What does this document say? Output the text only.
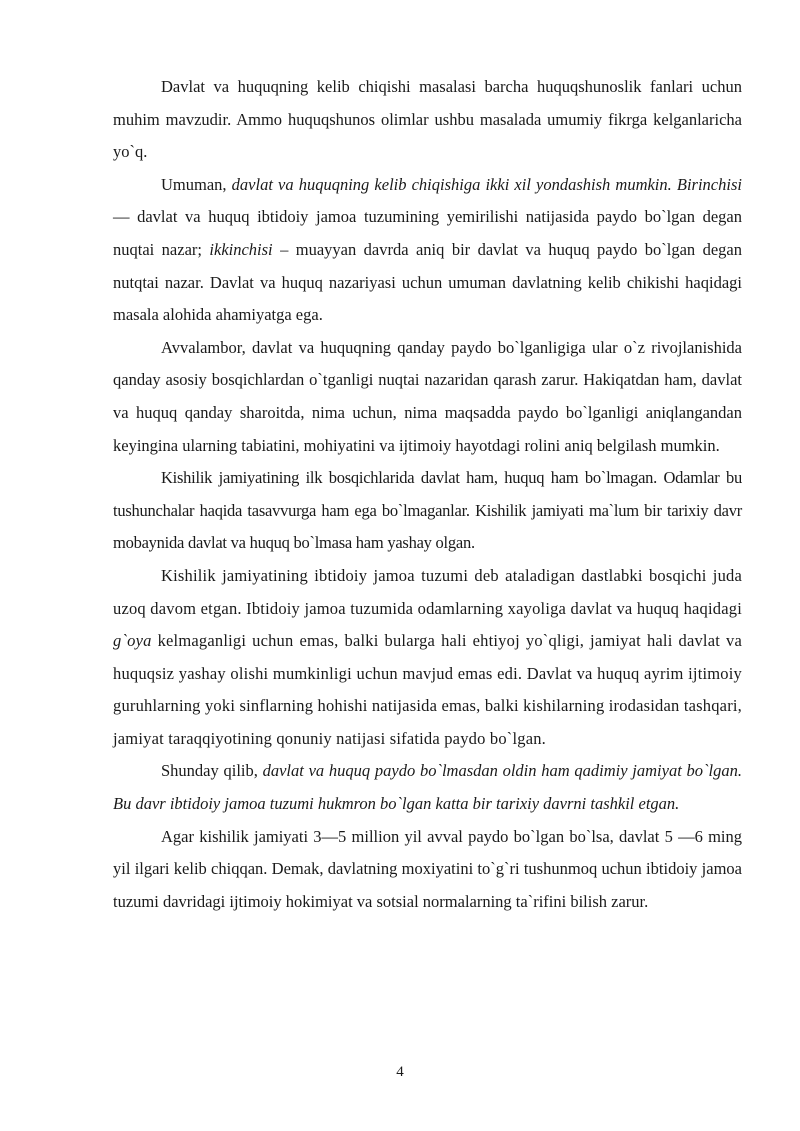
Davlat va huquqning kelib chiqishi masalasi barcha huquqshunoslik fanlari uchun muhim mavzudir. Ammo huquqshunos olimlar ushbu masalada umumiy fikrga kelganlaricha yo`q.

Umuman, davlat va huquqning kelib chiqishiga ikki xil yondashish mumkin. Birinchisi — davlat va huquq ibtidoiy jamoa tuzumining yemirilishi natijasida paydo bo`lgan degan nuqtai nazar; ikkinchisi – muayyan davrda aniq bir davlat va huquq paydo bo`lgan degan nutqtai nazar. Davlat va huquq nazariyasi uchun umuman davlatning kelib chikishi haqidagi masala alohida ahamiyatga ega.

Avvalambor, davlat va huquqning qanday paydo bo`lganligiga ular o`z rivojlanishida qanday asosiy bosqichlardan o`tganligi nuqtai nazaridan qarash zarur. Hakiqatdan ham, davlat va huquq qanday sharoitda, nima uchun, nima maqsadda paydo bo`lganligi aniqlangandan keyingina ularning tabiatini, mohiyatini va ijtimoiy hayotdagi rolini aniq belgilash mumkin.

Kishilik jamiyatining ilk bosqichlarida davlat ham, huquq ham bo`lmagan. Odamlar bu tushunchalar haqida tasavvurga ham ega bo`lmaganlar. Kishilik jamiyati ma`lum bir tarixiy davr mobaynida davlat va huquq bo`lmasa ham yashay olgan.

Kishilik jamiyatining ibtidoiy jamoa tuzumi deb ataladigan dastlabki bosqichi juda uzoq davom etgan. Ibtidoiy jamoa tuzumida odamlarning xayoliga davlat va huquq haqidagi g`oya kelmaganligi uchun emas, balki bularga hali ehtiyoj yo`qligi, jamiyat hali davlat va huquqsiz yashay olishi mumkinligi uchun mavjud emas edi. Davlat va huquq ayrim ijtimoiy guruhlarning yoki sinflarning hohishi natijasida emas, balki kishilarning irodasidan tashqari, jamiyat taraqqiyotining qonuniy natijasi sifatida paydo bo`lgan.

Shunday qilib, davlat va huquq paydo bo`lmasdan oldin ham qadimiy jamiyat bo`lgan. Bu davr ibtidoiy jamoa tuzumi hukmron bo`lgan katta bir tarixiy davrni tashkil etgan.

Agar kishilik jamiyati 3—5 million yil avval paydo bo`lgan bo`lsa, davlat 5 —6 ming yil ilgari kelib chiqqan. Demak, davlatning moxiyatini to`g`ri tushunmoq uchun ibtidoiy jamoa tuzumi davridagi ijtimoiy hokimiyat va sotsial normalarning ta`rifini bilish zarur.

4
